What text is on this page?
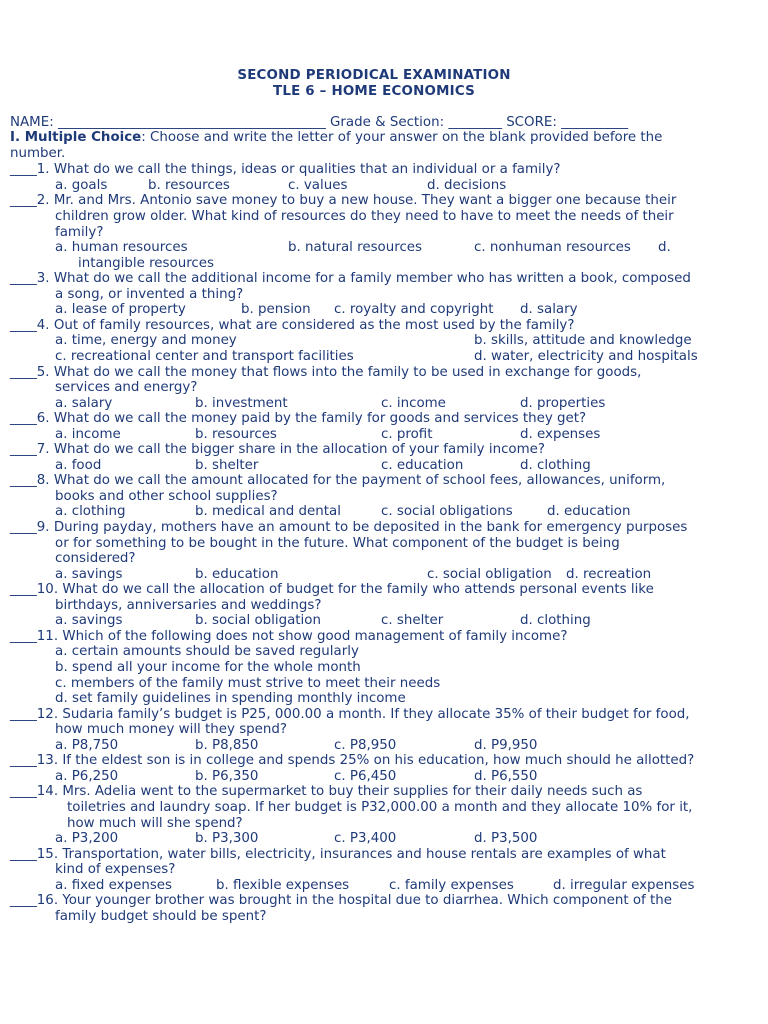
SECOND PERIODICAL EXAMINATION
TLE 6 – HOME ECONOMICS
NAME: ________________________________________ Grade & Section: ________ SCORE: __________
I. Multiple Choice: Choose and write the letter of your answer on the blank provided before the
number.
____1. What do we call the things, ideas or qualities that an individual or a family?
a. goals	b. resources	c. values	d. decisions
____2. Mr. and Mrs. Antonio save money to buy a new house. They want a bigger one because their
children grow older. What kind of resources do they need to have to meet the needs of their
family?
a. human resources	b. natural resources	c. nonhuman resources d.
intangible resources
____3. What do we call the additional income for a family member who has written a book, composed
a song, or invented a thing?
a. lease of property	b. pension c. royalty and copyright d. salary
____4. Out of family resources, what are considered as the most used by the family?
a. time, energy and money	b. skills, attitude and knowledge
c. recreational center and transport facilities	d. water, electricity and hospitals
____5. What do we call the money that flows into the family to be used in exchange for goods,
services and energy?
a. salary	b. investment	c. income	d. properties
____6. What do we call the money paid by the family for goods and services they get?
a. income	b. resources	c. profit	d. expenses
____7. What do we call the bigger share in the allocation of your family income?
a. food	b. shelter	c. education	d. clothing
____8. What do we call the amount allocated for the payment of school fees, allowances, uniform,
books and other school supplies?
a. clothing	b. medical and dental	c. social obligations	d. education
____9. During payday, mothers have an amount to be deposited in the bank for emergency purposes
or for something to be bought in the future. What component of the budget is being
considered?
a. savings	b. education	c. social obligation d. recreation
____10. What do we call the allocation of budget for the family who attends personal events like
birthdays, anniversaries and weddings?
a. savings	b. social obligation	c. shelter	d. clothing
____11. Which of the following does not show good management of family income?
a. certain amounts should be saved regularly
b. spend all your income for the whole month
c. members of the family must strive to meet their needs
d. set family guidelines in spending monthly income
____12. Sudaria family’s budget is P25, 000.00 a month. If they allocate 35% of their budget for food,
how much money will they spend?
a. P8,750	b. P8,850	c. P8,950	d. P9,950
____13. If the eldest son is in college and spends 25% on his education, how much should he allotted?
a. P6,250	b. P6,350	c. P6,450	d. P6,550
____14. Mrs. Adelia went to the supermarket to buy their supplies for their daily needs such as
toiletries and laundry soap. If her budget is P32,000.00 a month and they allocate 10% for it,
how much will she spend?
a. P3,200	b. P3,300	c. P3,400	d. P3,500
____15. Transportation, water bills, electricity, insurances and house rentals are examples of what
kind of expenses?
a. fixed expenses	b. flexible expenses	c. family expenses	d. irregular expenses
____16. Your younger brother was brought in the hospital due to diarrhea. Which component of the
family budget should be spent?
